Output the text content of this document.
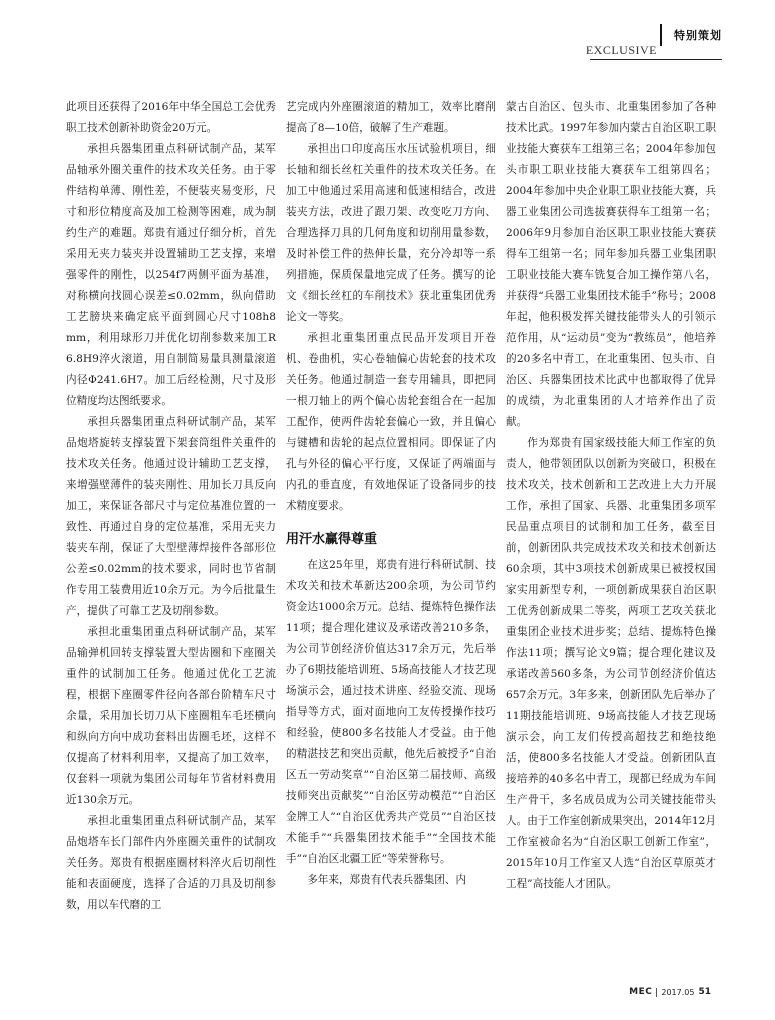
特别策划
EXCLUSIVE

此项目还获得了2016年中华全国总工会优秀职工技术创新补助资金20万元。

承担兵器集团重点科研试制产品，某军品轴承外圈关重件的技术攻关任务。由于零件结构单薄、刚性差，不便装夹易变形，尺寸和形位精度高及加工检测等困难，成为制约生产的难题。郑贵有通过仔细分析，首先采用无夹力装夹并设置辅助工艺支撑，来增强零件的刚性，以254f7两侧平面为基准，对称横向找圆心误差≤0.02mm，纵向借助工艺膀块来确定底平面到圆心尺寸108h8 mm，利用球形刀并优化切削参数来加工R 6.8H9淬火滚道，用自制简易量具测量滚道内径Φ241.6H7。加工后经检测，尺寸及形位精度均达图纸要求。

承担兵器集团重点科研试制产品，某军品炮塔旋转支撑装置下架套筒组件关重件的技术攻关任务。他通过设计辅助工艺支撑，来增强壁薄件的装夹刚性、用加长刀具反向加工，来保证各部尺寸与定位基准位置的一致性、再通过自身的定位基准，采用无夹力装夹车削，保证了大型壁薄焊接件各部形位公差≤0.02mm的技术要求，同时也节省制作专用工装费用近10余万元。为今后批量生产，提供了可靠工艺及切削参数。

承担北重集团重点科研试制产品，某军品输弹机回转支撑装置大型齿圈和下座圈关重件的试制加工任务。他通过优化工艺流程，根据下座圈零件径向各部台阶精车尺寸余量，采用加长切刀从下座圈粗车毛坯横向和纵向方向中成功套料出齿圈毛坯，这样不仅提高了材料利用率，又提高了加工效率，仅套料一项就为集团公司每年节省材料费用近130余万元。

承担北重集团重点科研试制产品，某军品炮塔车长门部件内外座圈关重件的试制攻关任务。郑贵有根据座圈材料淬火后切削性能和表面硬度，选择了合适的刀具及切削参数，用以车代磨的工

艺完成内外座圈滚道的精加工，效率比磨削提高了8—10倍，破解了生产难题。

承担出口印度高压水压试验机项目，细长轴和细长丝杠关重件的技术攻关任务。在加工中他通过采用高速和低速相结合，改进装夹方法，改进了跟刀架、改变吃刀方向、合理选择刀具的几何角度和切削用量参数，及时补偿工件的热伸长量，充分冷却等一系列措施，保质保量地完成了任务。撰写的论文《细长丝杠的车削技术》获北重集团优秀论文一等奖。

承担北重集团重点民品开发项目开卷机、卷曲机，实心卷轴偏心齿轮套的技术攻关任务。他通过制造一套专用辅具，即把同一根刀轴上的两个偏心齿轮套组合在一起加工配作，使两件齿轮套偏心一致，并且偏心与键槽和齿轮的起点位置相同。即保证了内孔与外径的偏心平行度，又保证了两端面与内孔的垂直度，有效地保证了设备同步的技术精度要求。

用汗水赢得尊重

在这25年里，郑贵有进行科研试制、技术攻关和技术革新达200余项，为公司节约资金达1000余万元。总结、提炼特色操作法11项；提合理化建议及承诺改善210多条，为公司节创经济价值达317余万元，先后举办了6期技能培训班、5场高技能人才技艺现场演示会，通过技术讲座、经验交流、现场指导等方式，面对面地向工友传授操作技巧和经验，使800多名技能人才受益。由于他的精湛技艺和突出贡献，他先后被授予“自治区五一劳动奖章”“自治区第二届技师、高级技师突出贡献奖”“自治区劳动模范”“自治区金牌工人”“自治区优秀共产党员”“自治区技术能手”“兵器集团技术能手”“全国技术能手”“自治区北疆工匠”等荣誉称号。

多年来，郑贵有代表兵器集团、内

蒙古自治区、包头市、北重集团参加了各种技术比武。1997年参加内蒙古自治区职工职业技能大赛获车工组第三名；2004年参加包头市职工职业技能大赛获车工组第四名；2004年参加中央企业职工职业技能大赛，兵器工业集团公司选拔赛获得车工组第一名；2006年9月参加自治区职工职业技能大赛获得车工组第一名；同年参加兵器工业集团职工职业技能大赛车铣复合加工操作第八名，并获得“兵器工业集团技术能手”称号；2008年起，他积极发挥关键技能带头人的引领示范作用，从“运动员”变为“教练员”，他培养的20多名中青工，在北重集团、包头市、自治区、兵器集团技术比武中也都取得了优异的成绩，为北重集团的人才培养作出了贡献。

作为郑贵有国家级技能大师工作室的负责人，他带领团队以创新为突破口，积极在技术攻关，技术创新和工艺改进上大力开展工作，承担了国家、兵器、北重集团多项军民品重点项目的试制和加工任务，截至目前，创新团队共完成技术攻关和技术创新达60余项，其中3项技术创新成果已被授权国家实用新型专利，一项创新成果获自治区职工优秀创新成果二等奖，两项工艺攻关获北重集团企业技术进步奖；总结、提炼特色操作法11项；撰写论文9篇；提合理化建议及承诺改善560多条，为公司节创经济价值达657余万元。3年多来，创新团队先后举办了11期技能培训班、9场高技能人才技艺现场演示会，向工友们传授高超技艺和绝技绝活，使800多名技能人才受益。创新团队直接培养的40多名中青工，现都已经成为车间生产骨干，多名成员成为公司关键技能带头人。由于工作室创新成果突出，2014年12月工作室被命名为“自治区职工创新工作室”，2015年10月工作室又人选“自治区草原英才工程”高技能人才团队。

MEC 2017.05 51
